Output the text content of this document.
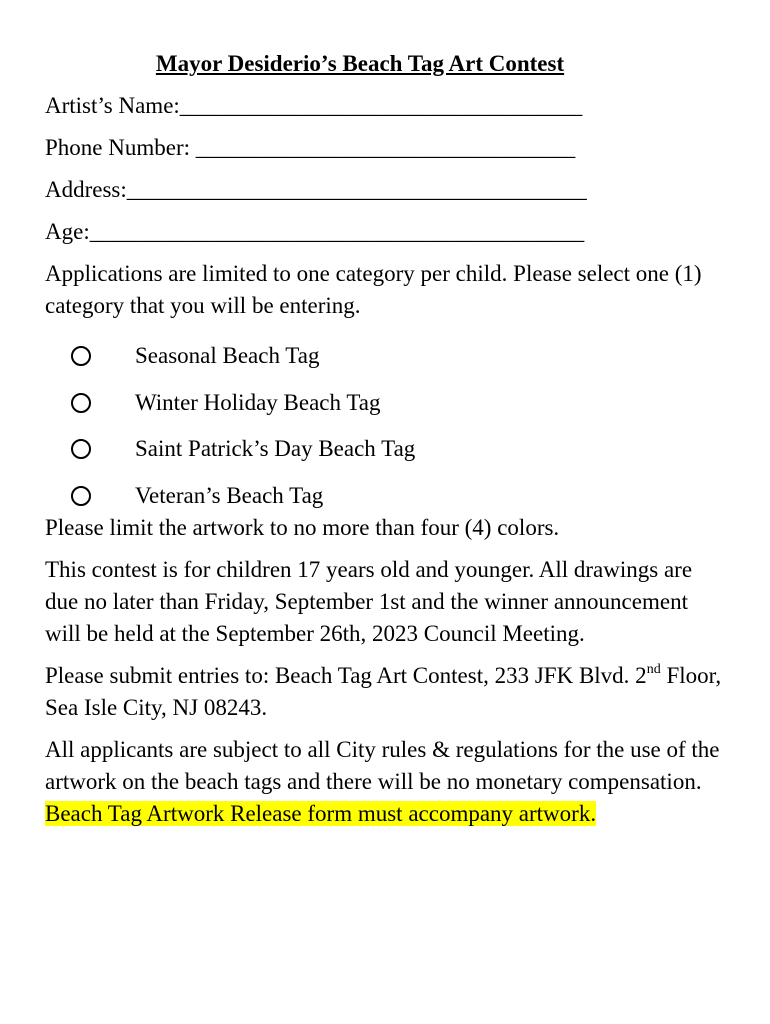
Mayor Desiderio’s Beach Tag Art Contest
Artist’s Name:___________________________________
Phone Number: _________________________________
Address:________________________________________
Age:___________________________________________
Applications are limited to one category per child. Please select one (1) category that you will be entering.
Seasonal Beach Tag
Winter Holiday Beach Tag
Saint Patrick’s Day Beach Tag
Veteran’s Beach Tag
Please limit the artwork to no more than four (4) colors.
This contest is for children 17 years old and younger. All drawings are due no later than Friday, September 1st and the winner announcement will be held at the September 26th, 2023 Council Meeting.
Please submit entries to: Beach Tag Art Contest, 233 JFK Blvd. 2nd Floor, Sea Isle City, NJ 08243.
All applicants are subject to all City rules & regulations for the use of the artwork on the beach tags and there will be no monetary compensation. Beach Tag Artwork Release form must accompany artwork.
